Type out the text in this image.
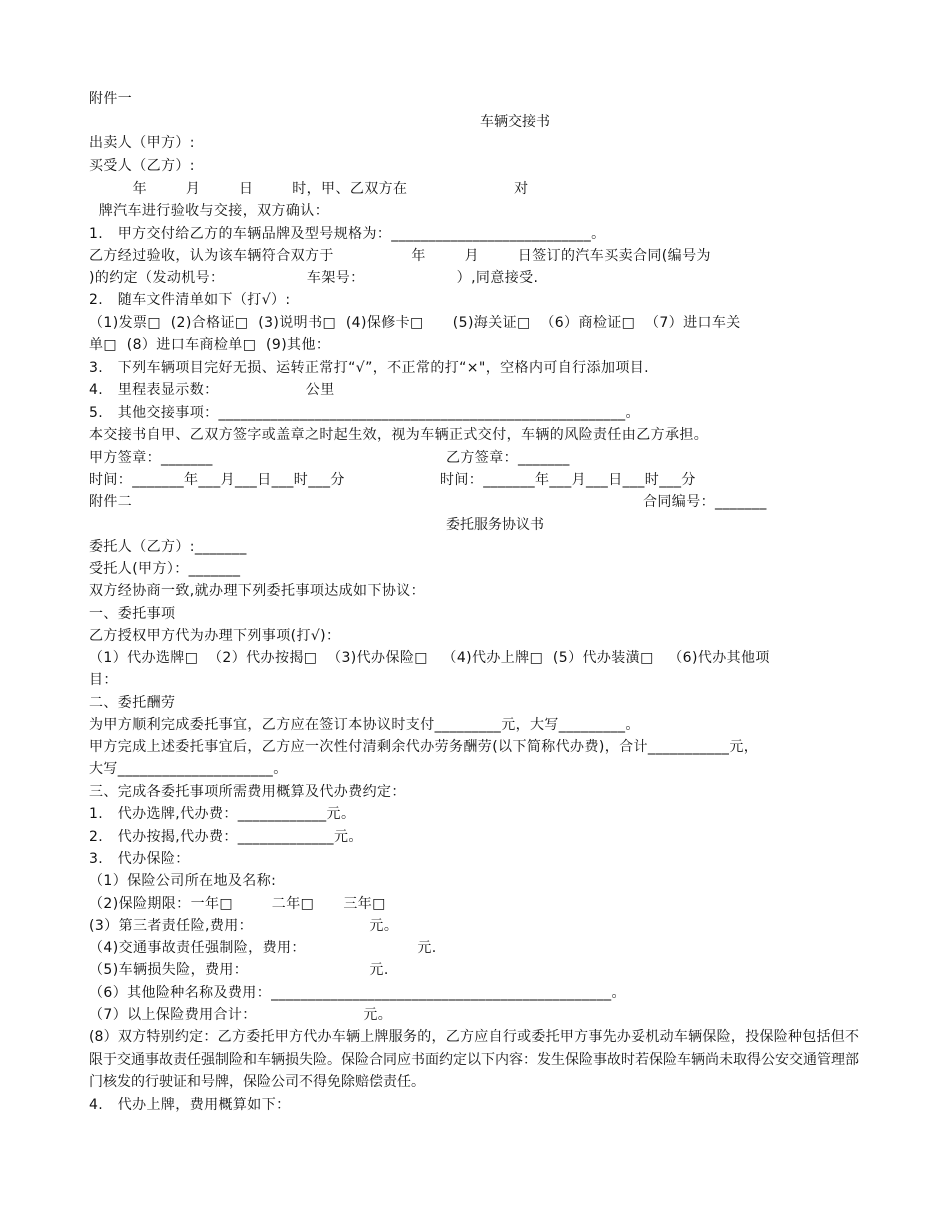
附件一
车辆交接书
出卖人（甲方）:
买受人（乙方）:
年        月        日        时，甲、乙双方在                      对
牌汽车进行验收与交接，双方确认：
1.   甲方交付给乙方的车辆品牌及型号规格为：___________________________。
乙方经过验收，认为该车辆符合双方于                年        月        日签订的汽车买卖合同(编号为
)的约定（发动机号：                 车架号：                   ）,同意接受.
2.   随车文件清单如下（打√）:
（1)发票□  (2)合格证□  (3)说明书□  (4)保修卡□      (5)海关证□  （6）商检证□  （7）进口车关
单□  (8）进口车商检单□  (9)其他：
3.   下列车辆项目完好无损、运转正常打“√”，不正常的打“×"，空格内可自行添加项目.
4.   里程表显示数：                  公里
5.   其他交接事项：_______________________________________________________。
本交接书自甲、乙双方签字或盖章之时起生效，视为车辆正式交付，车辆的风险责任由乙方承担。
甲方签章：_______	乙方签章：_______
时间：_______年___月___日___时___分	时间：_______年___月___日___时___分
附件二	合同编号：_______
委托服务协议书
委托人（乙方）:_______
受托人(甲方）：_______
双方经协商一致,就办理下列委托事项达成如下协议：
一、委托事项
乙方授权甲方代为办理下列事项(打√)：
（1）代办选牌□  （2）代办按揭□  （3)代办保险□   （4)代办上牌□  (5）代办装潢□   （6)代办其他项
目：
二、委托酬劳
为甲方顺利完成委托事宜，乙方应在签订本协议时支付_________元，大写_________。
甲方完成上述委托事宜后，乙方应一次性付清剩余代办劳务酬劳(以下简称代办费)，合计___________元，
大写_____________________。
三、完成各委托事项所需费用概算及代办费约定：
1.   代办选牌,代办费：____________元。
2.   代办按揭,代办费：_____________元。
3.   代办保险：
（1）保险公司所在地及名称:
（2)保险期限：一年□        二年□      三年□
(3）第三者责任险,费用：                        元。
（4)交通事故责任强制险，费用：                       元.
（5)车辆损失险，费用：                         元.
（6）其他险种名称及费用：______________________________________________。
（7）以上保险费用合计：                      元。
(8）双方特别约定：乙方委托甲方代办车辆上牌服务的，乙方应自行或委托甲方事先办妥机动车辆保险，投保险种包括但不限于交通事故责任强制险和车辆损失险。保险合同应书面约定以下内容：发生保险事故时若保险车辆尚未取得公安交通管理部门核发的行驶证和号牌，保险公司不得免除赔偿责任。
4.   代办上牌，费用概算如下：
